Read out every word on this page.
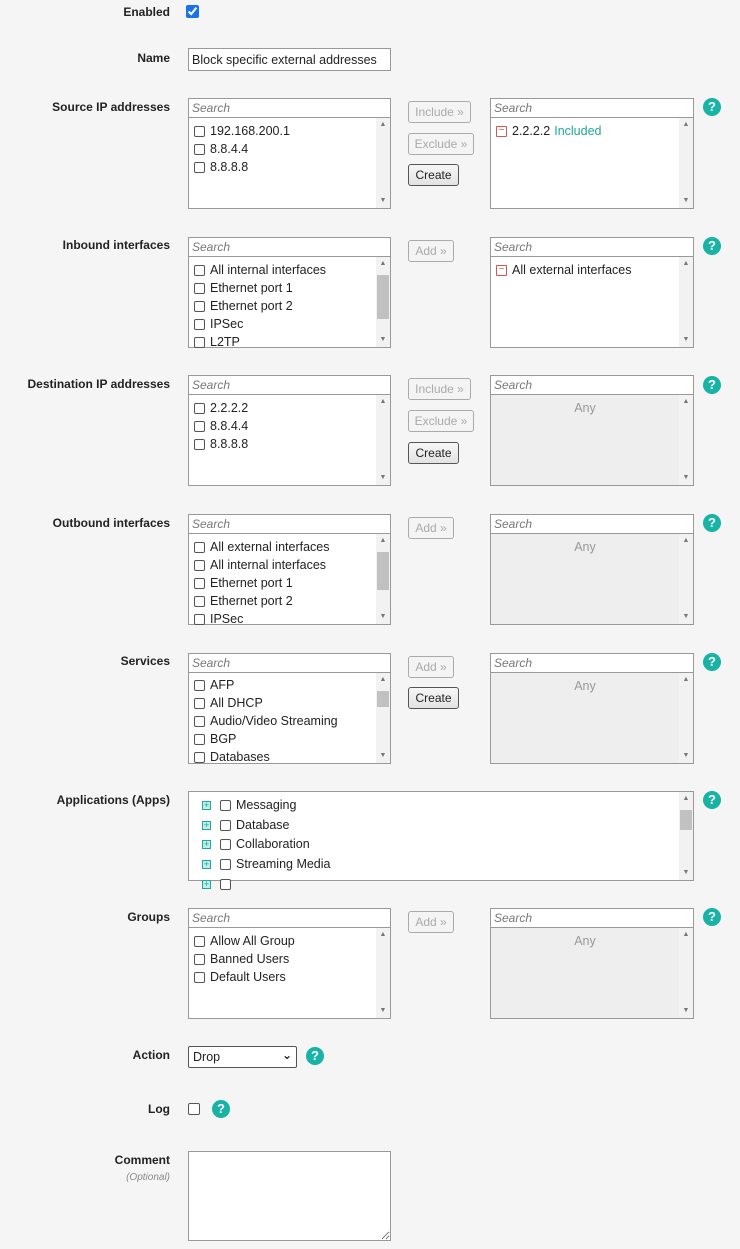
Enabled
Name
Block specific external addresses
Source IP addresses
Search
192.168.200.1
8.8.4.4
8.8.8.8
▲
▼
Include »
Exclude »
Create
Search
− 2.2.2.2 Included	▲
▼
?
Inbound interfaces
Search
All internal interfaces
Ethernet port 1
Ethernet port 2
IPSec
L2TP
▲
▼
Add »
Search
− All external interfaces	▲
▼
?
Destination IP addresses
Search
2.2.2.2
8.8.4.4
8.8.8.8
▲
▼
Include »
Exclude »
Create
Search
Any	▲
▼
?
Outbound interfaces
Search
All external interfaces
All internal interfaces
Ethernet port 1
Ethernet port 2
IPSec
▲
▼
Add »
Search
Any	▲
▼
?
Services
Search
AFP
All DHCP
Audio/Video Streaming
BGP
Databases
▲
▼
Add »
Create
Search
Any	▲
▼
?
Applications (Apps)	+ Messaging
+ Database
+ Collaboration
+ Streaming Media
+
▲
▼
?
Groups
Search
Allow All Group
Banned Users
Default Users
▲
▼
Add »
Search
Any	▲
▼
?
Action Drop	⌄	?
Log	?
Comment
(Optional)
